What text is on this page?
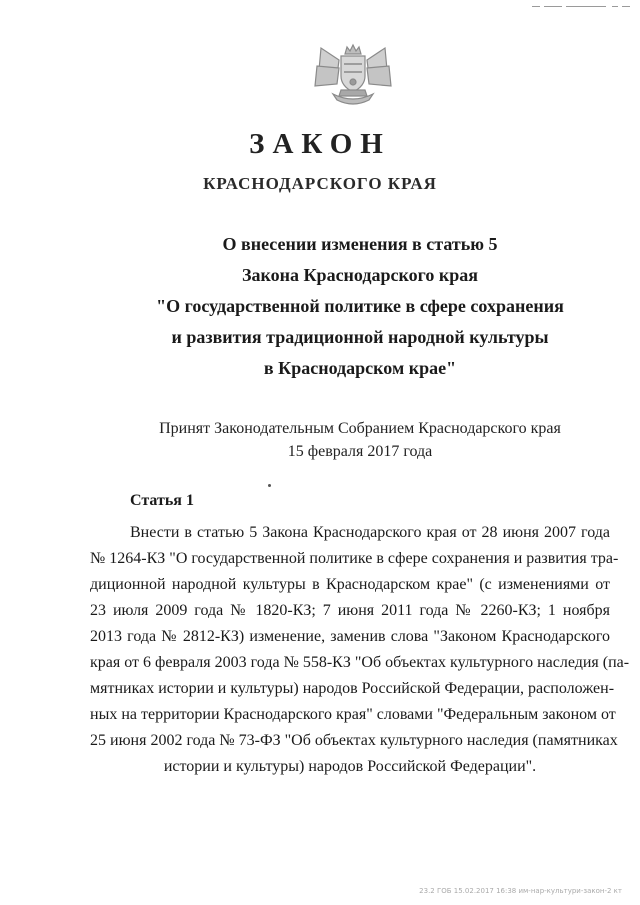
ЗАКОН
КРАСНОДАРСКОГО КРАЯ
О внесении изменения в статью 5
Закона Краснодарского края
"О государственной политике в сфере сохранения
и развития традиционной народной культуры
в Краснодарском крае"
Принят Законодательным Собранием Краснодарского края
15 февраля 2017 года
Статья 1
Внести в статью 5 Закона Краснодарского края от 28 июня 2007 года
№ 1264-КЗ "О государственной политике в сфере сохранения и развития тра-
диционной народной культуры в Краснодарском крае" (с изменениями от
23 июля 2009 года № 1820-КЗ; 7 июня 2011 года № 2260-КЗ; 1 ноября
2013 года № 2812-КЗ) изменение, заменив слова "Законом Краснодарского
края от 6 февраля 2003 года № 558-КЗ "Об объектах культурного наследия (па-
мятниках истории и культуры) народов Российской Федерации, расположен-
ных на территории Краснодарского края" словами "Федеральным законом от
25 июня 2002 года № 73-ФЗ "Об объектах культурного наследия (памятниках
истории и культуры) народов Российской Федерации".
23.2 ГОБ 15.02.2017 16:38 им-нар-культури-закон-2 кт
